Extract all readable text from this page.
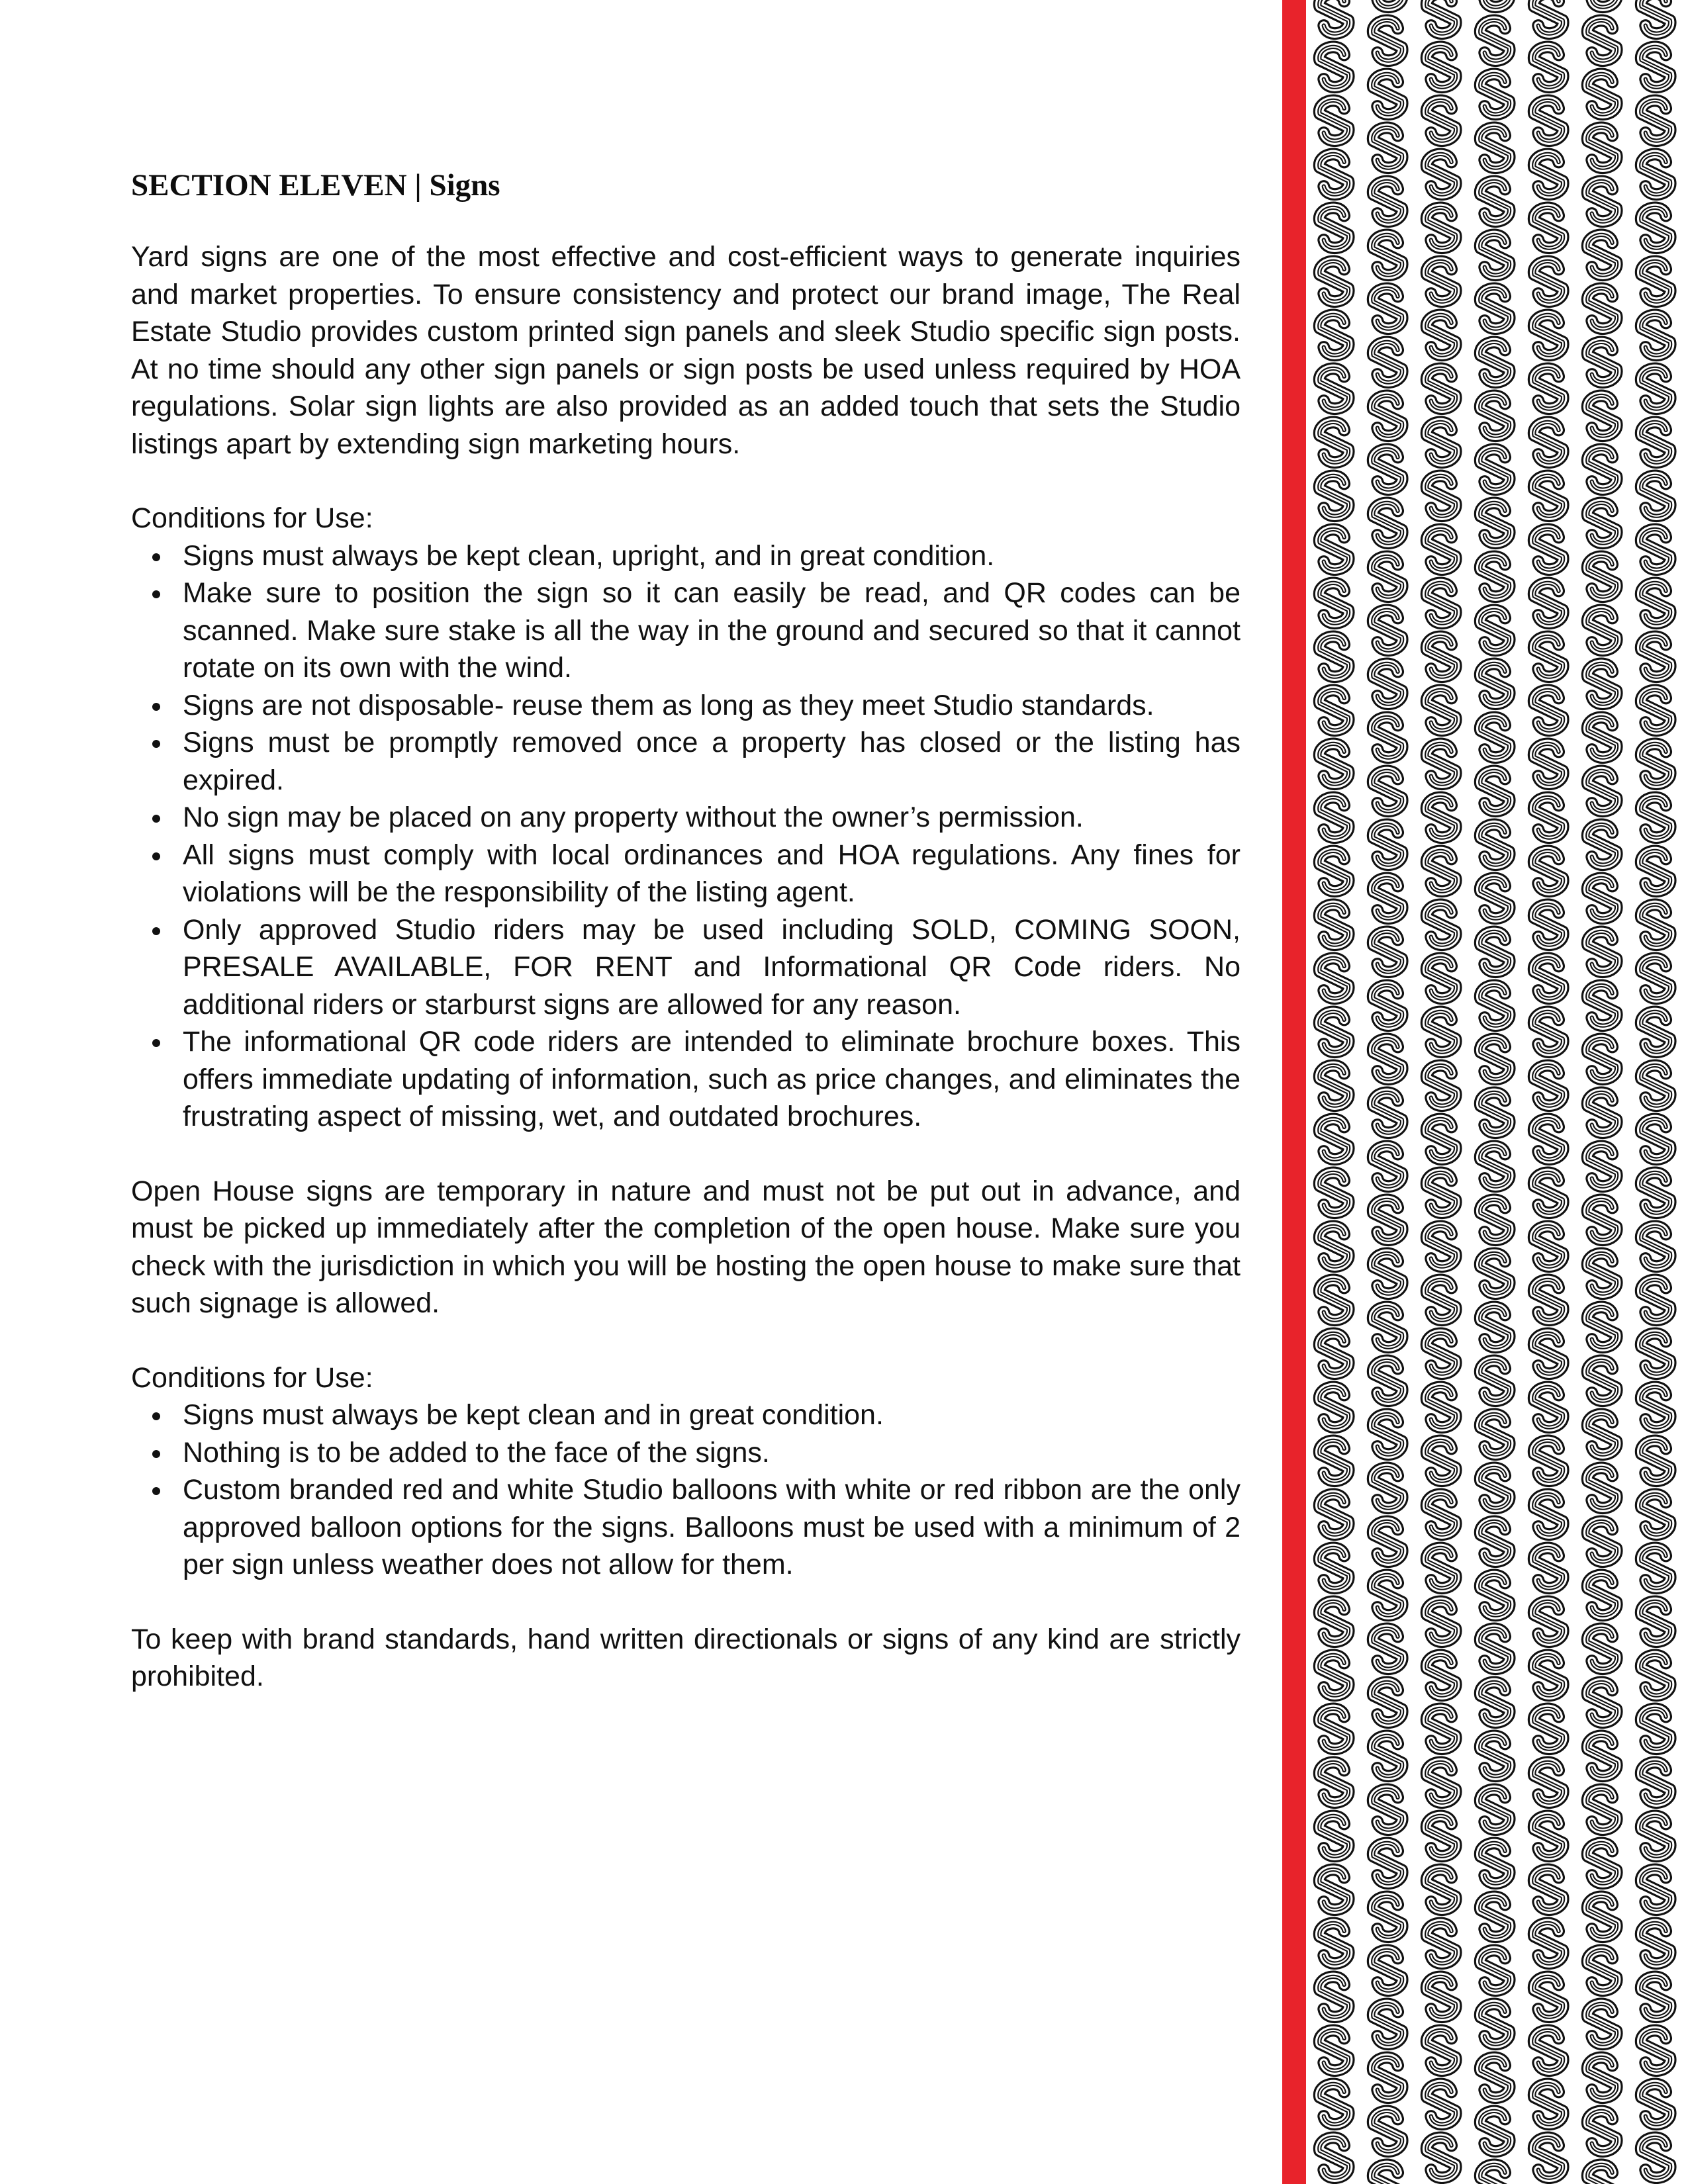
SECTION ELEVEN | Signs

Yard signs are one of the most effective and cost-efficient ways to generate inquiries and market properties. To ensure consistency and protect our brand image, The Real Estate Studio provides custom printed sign panels and sleek Studio specific sign posts. At no time should any other sign panels or sign posts be used unless required by HOA regulations. Solar sign lights are also provided as an added touch that sets the Studio listings apart by extending sign marketing hours.

Conditions for Use:

Signs must always be kept clean, upright, and in great condition.
Make sure to position the sign so it can easily be read, and QR codes can be scanned. Make sure stake is all the way in the ground and secured so that it cannot rotate on its own with the wind.
Signs are not disposable- reuse them as long as they meet Studio standards.
Signs must be promptly removed once a property has closed or the listing has expired.
No sign may be placed on any property without the owner’s permission.
All signs must comply with local ordinances and HOA regulations. Any fines for violations will be the responsibility of the listing agent.
Only approved Studio riders may be used including SOLD, COMING SOON, PRESALE AVAILABLE, FOR RENT and Informational QR Code riders. No additional riders or starburst signs are allowed for any reason.
The informational QR code riders are intended to eliminate brochure boxes. This offers immediate updating of information, such as price changes, and eliminates the frustrating aspect of missing, wet, and outdated brochures.

Open House signs are temporary in nature and must not be put out in advance, and must be picked up immediately after the completion of the open house. Make sure you check with the jurisdiction in which you will be hosting the open house to make sure that such signage is allowed.

Conditions for Use:

Signs must always be kept clean and in great condition.
Nothing is to be added to the face of the signs.
Custom branded red and white Studio balloons with white or red ribbon are the only approved balloon options for the signs. Balloons must be used with a minimum of 2 per sign unless weather does not allow for them.

To keep with brand standards, hand written directionals or signs of any kind are strictly prohibited.
